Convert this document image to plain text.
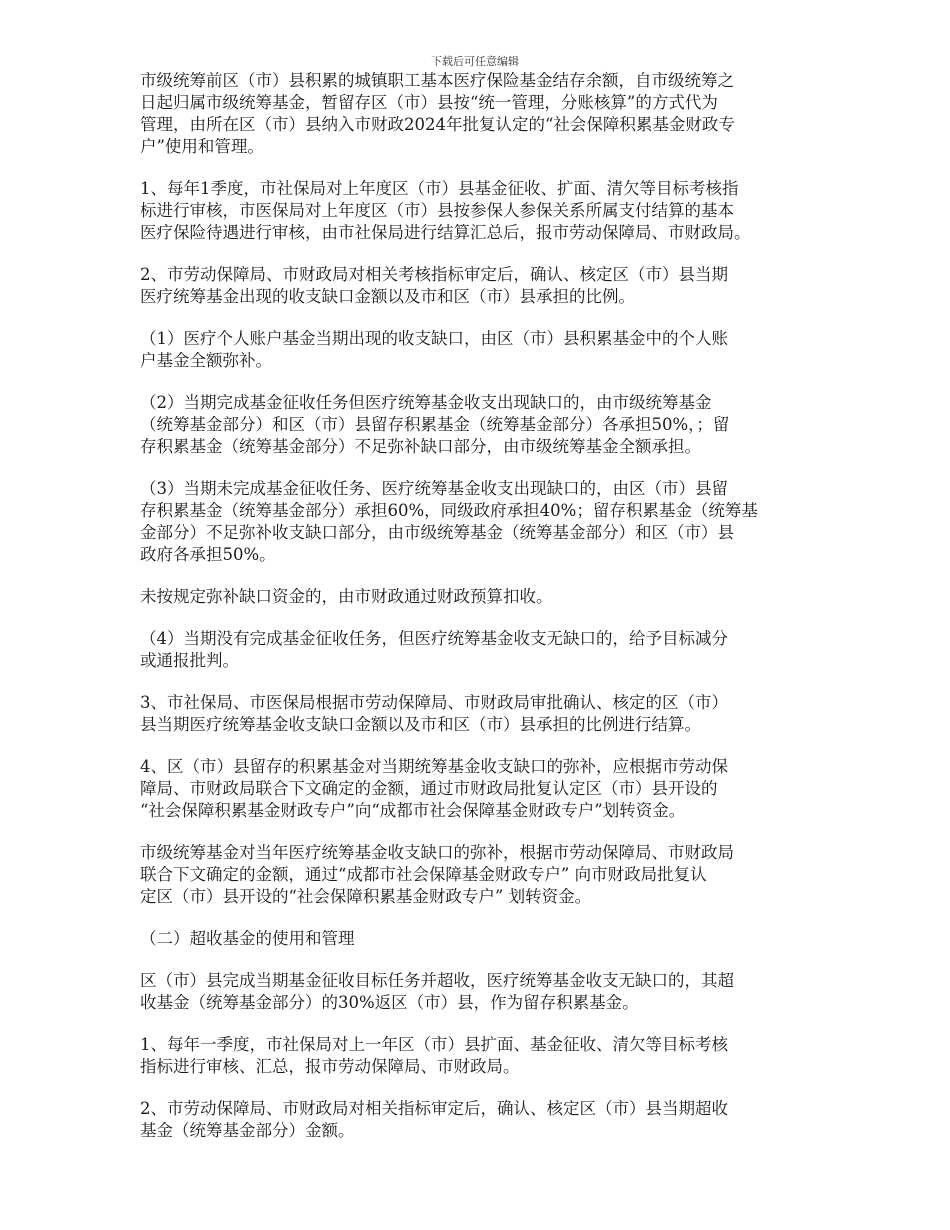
下载后可任意编辑

市级统筹前区（市）县积累的城镇职工基本医疗保险基金结存余额，自市级统筹之
日起归属市级统筹基金，暂留存区（市）县按“统一管理，分账核算”的方式代为
管理，由所在区（市）县纳入市财政2024年批复认定的“社会保障积累基金财政专
户”使用和管理。

1、每年1季度，市社保局对上年度区（市）县基金征收、扩面、清欠等目标考核指
标进行审核，市医保局对上年度区（市）县按参保人参保关系所属支付结算的基本
医疗保险待遇进行审核，由市社保局进行结算汇总后，报市劳动保障局、市财政局。

2、市劳动保障局、市财政局对相关考核指标审定后，确认、核定区（市）县当期
医疗统筹基金出现的收支缺口金额以及市和区（市）县承担的比例。

（1）医疗个人账户基金当期出现的收支缺口，由区（市）县积累基金中的个人账
户基金全额弥补。

（2）当期完成基金征收任务但医疗统筹基金收支出现缺口的，由市级统筹基金
（统筹基金部分）和区（市）县留存积累基金（统筹基金部分）各承担50%，；留
存积累基金（统筹基金部分）不足弥补缺口部分，由市级统筹基金全额承担。

（3）当期未完成基金征收任务、医疗统筹基金收支出现缺口的，由区（市）县留
存积累基金（统筹基金部分）承担60%，同级政府承担40%；留存积累基金（统筹基
金部分）不足弥补收支缺口部分，由市级统筹基金（统筹基金部分）和区（市）县
政府各承担50%。

未按规定弥补缺口资金的，由市财政通过财政预算扣收。

（4）当期没有完成基金征收任务，但医疗统筹基金收支无缺口的，给予目标减分
或通报批判。

3、市社保局、市医保局根据市劳动保障局、市财政局审批确认、核定的区（市）
县当期医疗统筹基金收支缺口金额以及市和区（市）县承担的比例进行结算。

4、区（市）县留存的积累基金对当期统筹基金收支缺口的弥补，应根据市劳动保
障局、市财政局联合下文确定的金额，通过市财政局批复认定区（市）县开设的
“社会保障积累基金财政专户”向“成都市社会保障基金财政专户”划转资金。

市级统筹基金对当年医疗统筹基金收支缺口的弥补，根据市劳动保障局、市财政局
联合下文确定的金额，通过“成都市社会保障基金财政专户” 向市财政局批复认
定区（市）县开设的“社会保障积累基金财政专户” 划转资金。

（二）超收基金的使用和管理

区（市）县完成当期基金征收目标任务并超收，医疗统筹基金收支无缺口的，其超
收基金（统筹基金部分）的30%返区（市）县，作为留存积累基金。

1、每年一季度，市社保局对上一年区（市）县扩面、基金征收、清欠等目标考核
指标进行审核、汇总，报市劳动保障局、市财政局。

2、市劳动保障局、市财政局对相关指标审定后，确认、核定区（市）县当期超收
基金（统筹基金部分）金额。
